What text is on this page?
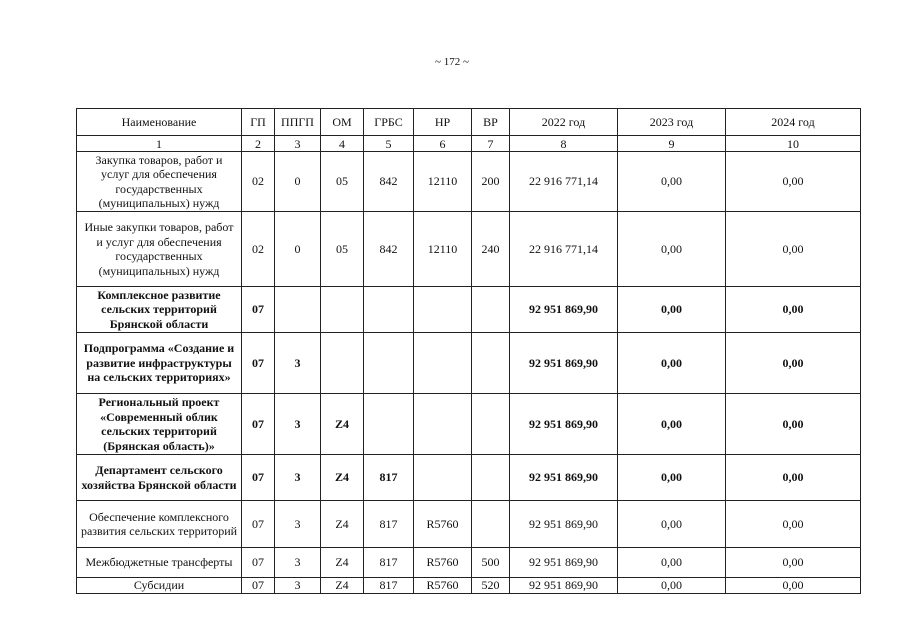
~ 172 ~
Наименование	ГП	ППГП	ОМ	ГРБС	НР	ВР	2022 год	2023 год	2024 год
1	2	3	4	5	6	7	8	9	10
Закупка товаров, работ и услуг для обеспечения государственных (муниципальных) нужд	02	0	05	842	12110	200	22 916 771,14	0,00	0,00
Иные закупки товаров, работ и услуг для обеспечения государственных (муниципальных) нужд	02	0	05	842	12110	240	22 916 771,14	0,00	0,00
Комплексное развитие сельских территорий Брянской области	07						92 951 869,90	0,00	0,00
Подпрограмма «Создание и развитие инфраструктуры на сельских территориях»	07	3					92 951 869,90	0,00	0,00
Региональный проект «Современный облик сельских территорий (Брянская область)»	07	3	Z4				92 951 869,90	0,00	0,00
Департамент сельского хозяйства Брянской области	07	3	Z4	817			92 951 869,90	0,00	0,00
Обеспечение комплексного развития сельских территорий	07	3	Z4	817	R5760		92 951 869,90	0,00	0,00
Межбюджетные трансферты	07	3	Z4	817	R5760	500	92 951 869,90	0,00	0,00
Субсидии	07	3	Z4	817	R5760	520	92 951 869,90	0,00	0,00
